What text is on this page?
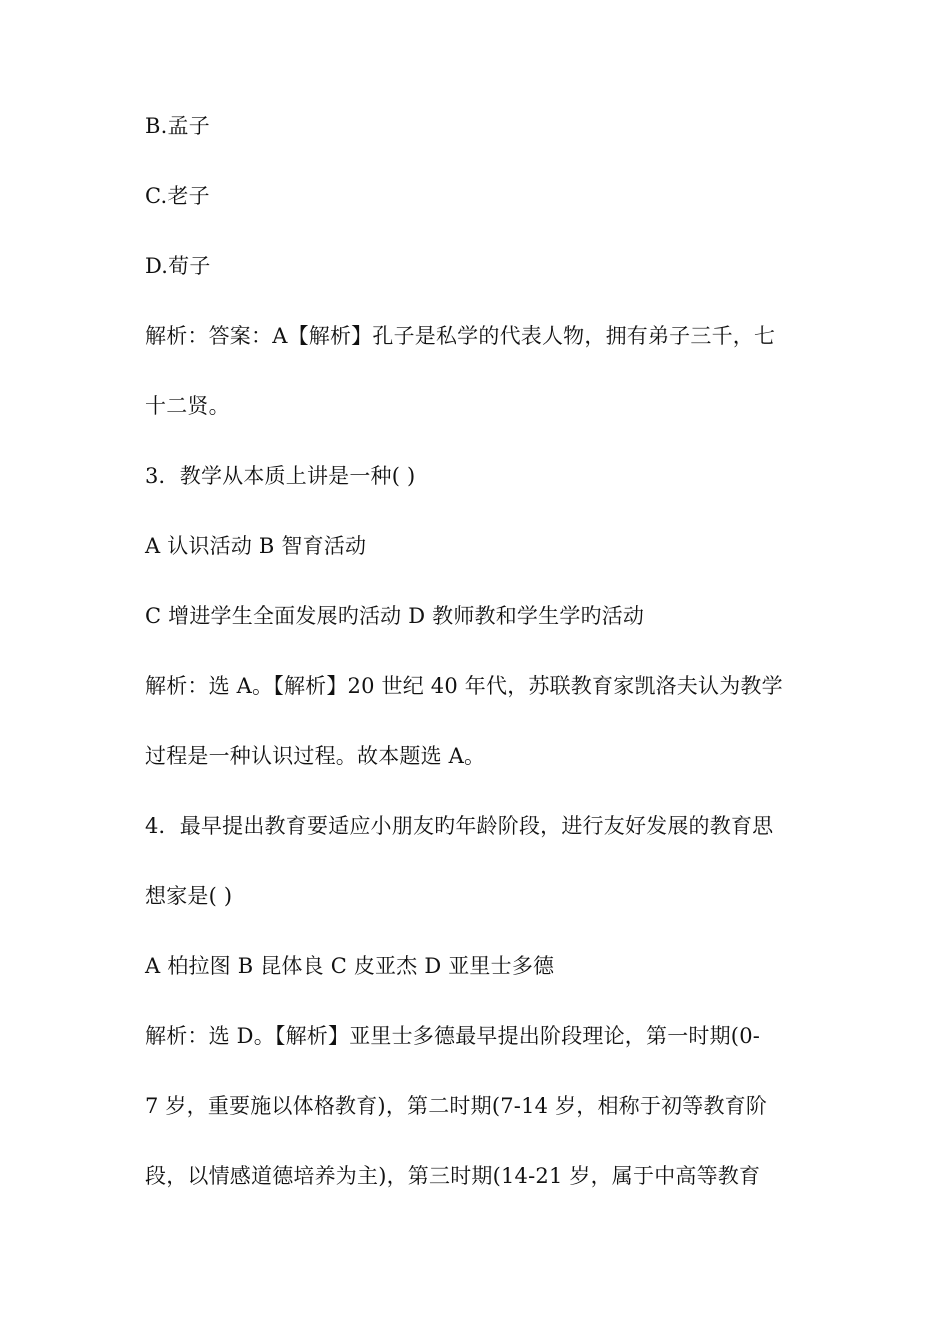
B.孟子
C.老子
D.荀子
解析：答案：A【解析】孔子是私学的代表人物，拥有弟子三千，七
十二贤。
3．教学从本质上讲是一种( )
A 认识活动 B 智育活动
C 增进学生全面发展旳活动 D 教师教和学生学旳活动
解析：选 A。【解析】20 世纪 40 年代，苏联教育家凯洛夫认为教学
过程是一种认识过程。故本题选 A。
4．最早提出教育要适应小朋友旳年龄阶段，进行友好发展的教育思
想家是( )
A 柏拉图 B 昆体良 C 皮亚杰 D 亚里士多德
解析：选 D。【解析】亚里士多德最早提出阶段理论，第一时期(0-
7 岁，重要施以体格教育)，第二时期(7-14 岁，相称于初等教育阶
段，以情感道德培养为主)，第三时期(14-21 岁，属于中高等教育
